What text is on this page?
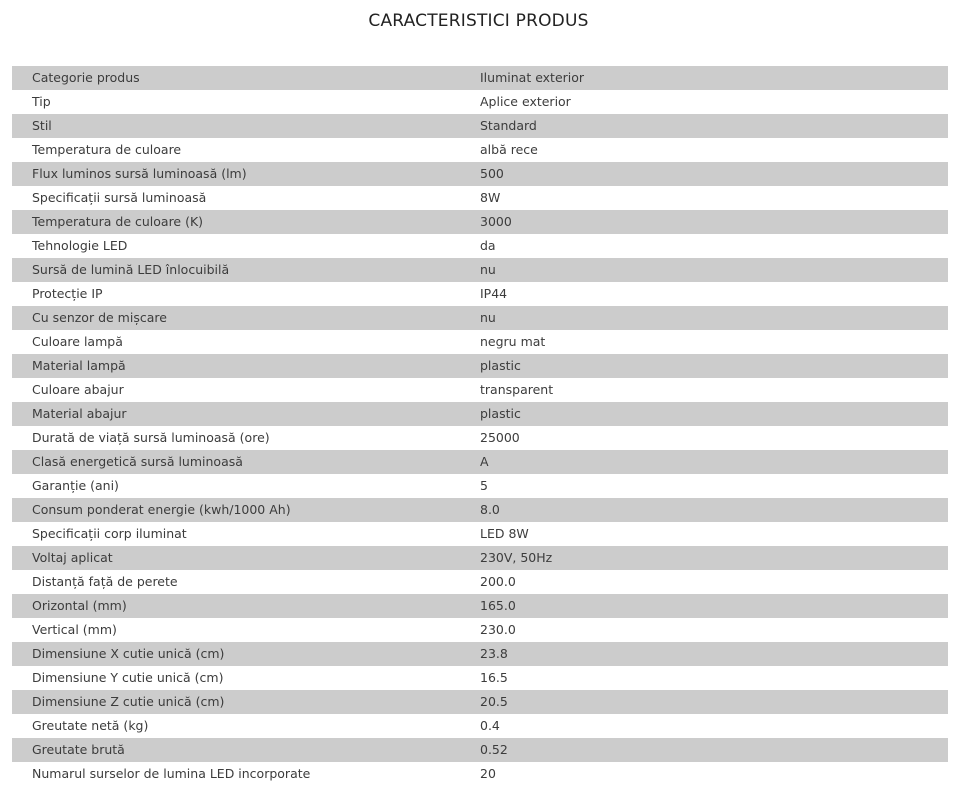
CARACTERISTICI PRODUS
Categorie produs	Iluminat exterior
Tip	Aplice exterior
Stil	Standard
Temperatura de culoare	albă rece
Flux luminos sursă luminoasă (lm)	500
Specificații sursă luminoasă	8W
Temperatura de culoare (K)	3000
Tehnologie LED	da
Sursă de lumină LED înlocuibilă	nu
Protecție IP	IP44
Cu senzor de mișcare	nu
Culoare lampă	negru mat
Material lampă	plastic
Culoare abajur	transparent
Material abajur	plastic
Durată de viață sursă luminoasă (ore)	25000
Clasă energetică sursă luminoasă	A
Garanție (ani)	5
Consum ponderat energie (kwh/1000 Ah)	8.0
Specificații corp iluminat	LED 8W
Voltaj aplicat	230V, 50Hz
Distanță față de perete	200.0
Orizontal (mm)	165.0
Vertical (mm)	230.0
Dimensiune X cutie unică (cm)	23.8
Dimensiune Y cutie unică (cm)	16.5
Dimensiune Z cutie unică (cm)	20.5
Greutate netă (kg)	0.4
Greutate brută	0.52
Numarul surselor de lumina LED incorporate	20
